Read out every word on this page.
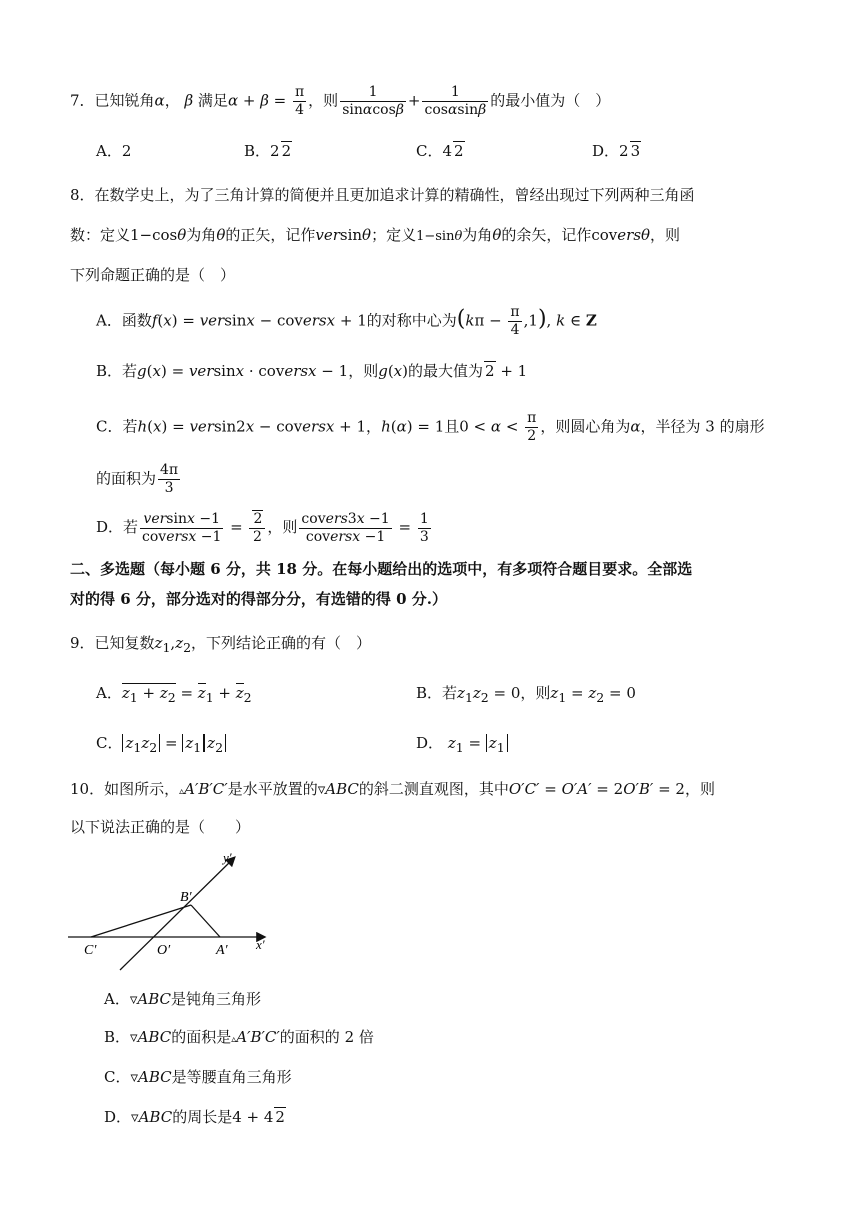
7．已知锐角α， β 满足$\alpha + \beta = \frac{\pi}{4}$ ，则 $\frac{1}{\sin\alpha\cos\beta} + \frac{1}{\cos\alpha\sin\beta}$ 的最小值为（　）
A．2	B．2 2	C．4 2	D．2 3
8．在数学史上，为了三角计算的简便并且更加追求计算的精确性，曾经出现过下列两种三角函
数：定义1−cosθ为角θ的正矢，记作versinθ；定义1−sinθ为角θ的余矢，记作coversθ，则
下列命题正确的是（　）
A．函数f(x) = versinx − coversx + 1的对称中心为$(k\pi - \frac{\pi}{4} ,1)$, k ∈ Z
B．若g(x) = versinx · coversx − 1，则g(x)的最大值为 2 + 1
C．若h(x) = versin2x − coversx + 1，h(α) = 1且$0 < \alpha < \frac{\pi}{2}$ ，则圆心角为α，半径为 3 的扇形
的面积为 $\frac{4\pi}{3}$
D．若 $\frac{\text{versinx −1}}{\text{coversx −1}} = \frac{2}{2}$ ，则 $\frac{\text{covers3x −1}}{\text{coversx −1}} = \frac{1}{3}$
二、多选题（每小题 6 分，共 18 分。在每小题给出的选项中，有多项符合题目要求。全部选
对的得 6 分，部分选对的得部分分，有选错的得 0 分.）
9．已知复数$z_1,z_2$，下列结论正确的有（　）
A．$z_1 + z_2 = z_1 + z_2$	B．若$z_1z_2 = 0$，则$z_1 = z_2 = 0$
C． $z_1z_2 = z_1$ $z_2$	D． $z_1 = z_1$
10．如图所示，▵A′B′C′是水平放置的▿ABC的斜二测直观图，其中O′C′ = O′A′ = 2O′B′ = 2，则
以下说法正确的是（　　）
y′
B′
C′	O′	A′ x′
A．▿ABC是钝角三角形
B．▿ABC的面积是▵A′B′C′的面积的 2 倍
C．▿ABC是等腰直角三角形
D．▿ABC的周长是4 + 4 2
